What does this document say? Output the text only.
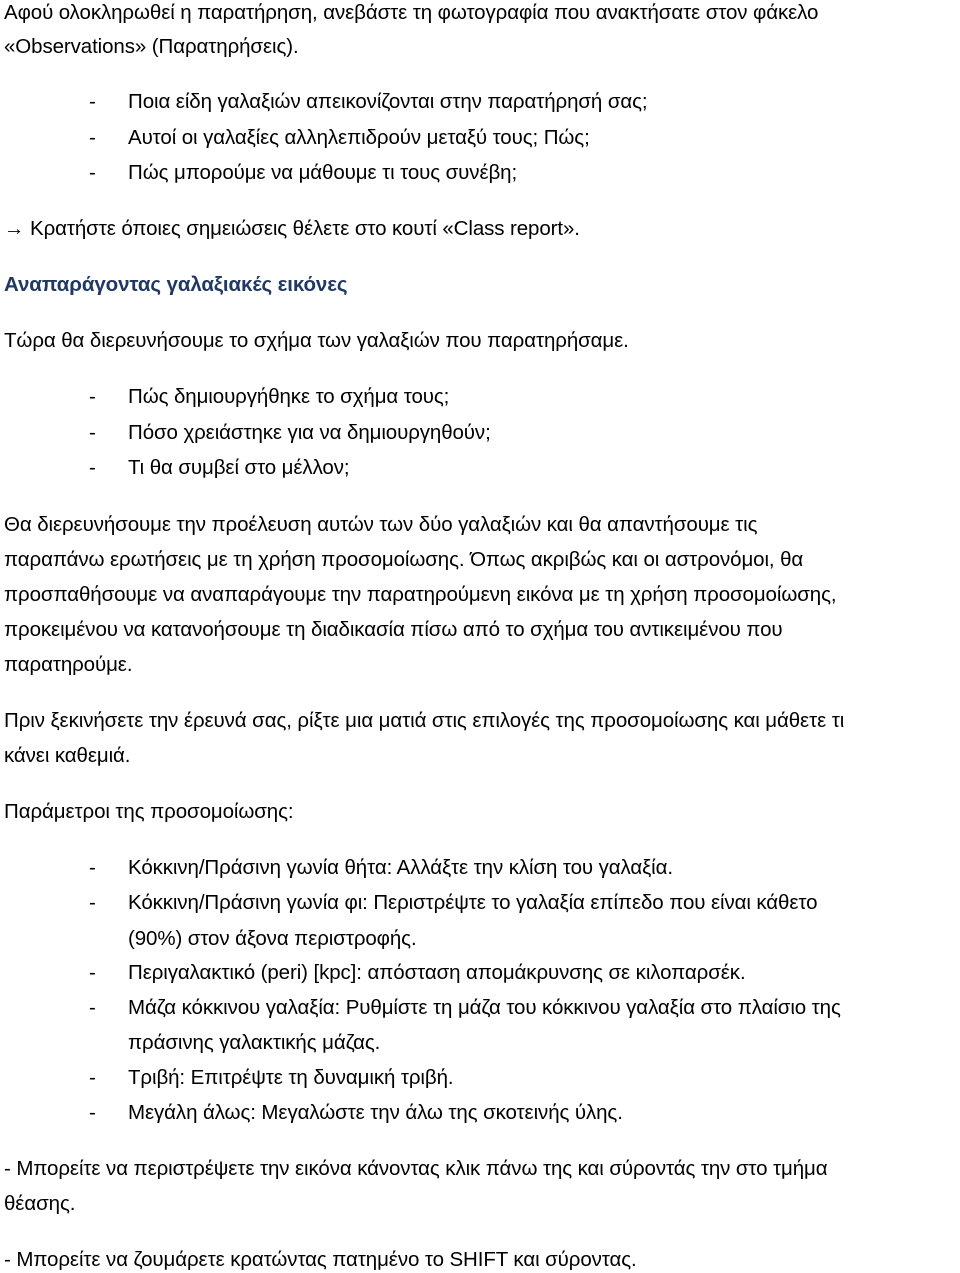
Αφού ολοκληρωθεί η παρατήρηση, ανεβάστε τη φωτογραφία που ανακτήσατε στον φάκελο
«Observations» (Παρατηρήσεις).
- Ποια είδη γαλαξιών απεικονίζονται στην παρατήρησή σας;
- Αυτοί οι γαλαξίες αλληλεπιδρούν μεταξύ τους; Πώς;
- Πώς μπορούμε να μάθουμε τι τους συνέβη;
→ Κρατήστε όποιες σημειώσεις θέλετε στο κουτί «Class report».
Αναπαράγοντας γαλαξιακές εικόνες
Τώρα θα διερευνήσουμε το σχήμα των γαλαξιών που παρατηρήσαμε.
- Πώς δημιουργήθηκε το σχήμα τους;
- Πόσο χρειάστηκε για να δημιουργηθούν;
- Τι θα συμβεί στο μέλλον;
Θα διερευνήσουμε την προέλευση αυτών των δύο γαλαξιών και θα απαντήσουμε τις
παραπάνω ερωτήσεις με τη χρήση προσομοίωσης. Όπως ακριβώς και οι αστρονόμοι, θα
προσπαθήσουμε να αναπαράγουμε την παρατηρούμενη εικόνα με τη χρήση προσομοίωσης,
προκειμένου να κατανοήσουμε τη διαδικασία πίσω από το σχήμα του αντικειμένου που
παρατηρούμε.
Πριν ξεκινήσετε την έρευνά σας, ρίξτε μια ματιά στις επιλογές της προσομοίωσης και μάθετε τι
κάνει καθεμιά.
Παράμετροι της προσομοίωσης:
- Κόκκινη/Πράσινη γωνία θήτα: Αλλάξτε την κλίση του γαλαξία.
- Κόκκινη/Πράσινη γωνία φι: Περιστρέψτε το γαλαξία επίπεδο που είναι κάθετο
(90%) στον άξονα περιστροφής.
- Περιγαλακτικό (peri) [kpc]: απόσταση απομάκρυνσης σε κιλοπαρσέκ.
- Μάζα κόκκινου γαλαξία: Ρυθμίστε τη μάζα του κόκκινου γαλαξία στο πλαίσιο της
πράσινης γαλακτικής μάζας.
- Τριβή: Επιτρέψτε τη δυναμική τριβή.
- Μεγάλη άλως: Μεγαλώστε την άλω της σκοτεινής ύλης.
- Μπορείτε να περιστρέψετε την εικόνα κάνοντας κλικ πάνω της και σύροντάς την στο τμήμα
θέασης.
- Μπορείτε να ζουμάρετε κρατώντας πατημένο το SHIFT και σύροντας.
